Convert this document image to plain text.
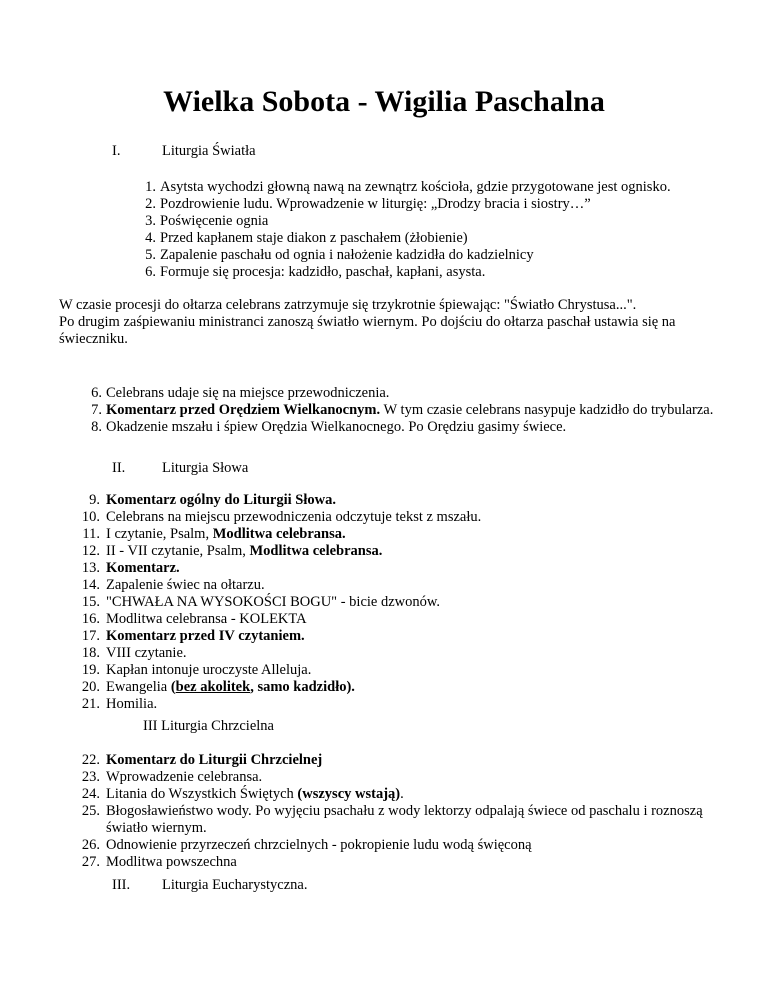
Wielka Sobota - Wigilia Paschalna
I.	Liturgia Światła
1. Asytsta wychodzi głowną nawą na zewnątrz kościoła, gdzie przygotowane jest ognisko.
2. Pozdrowienie ludu. Wprowadzenie w liturgię: „Drodzy bracia i siostry…”
3. Poświęcenie ognia
4. Przed kapłanem staje diakon z paschałem (żłobienie)
5. Zapalenie paschału od ognia i nałożenie kadzidła do kadzielnicy
6. Formuje się procesja: kadzidło, paschał, kapłani, asysta.
W czasie procesji do ołtarza celebrans zatrzymuje się trzykrotnie śpiewając: "Światło Chrystusa...".
Po drugim zaśpiewaniu ministranci zanoszą światło wiernym. Po dojściu do ołtarza paschał ustawia się na świeczniku.
6. Celebrans udaje się na miejsce przewodniczenia.
7. Komentarz przed Orędziem Wielkanocnym. W tym czasie celebrans nasypuje kadzidło do trybularza.
8. Okadzenie mszału i śpiew Orędzia Wielkanocnego. Po Orędziu gasimy świece.
II.	Liturgia Słowa
9. Komentarz ogólny do Liturgii Słowa.
10. Celebrans na miejscu przewodniczenia odczytuje tekst z mszału.
11. I czytanie, Psalm, Modlitwa celebransa.
12. II - VII czytanie, Psalm, Modlitwa celebransa.
13. Komentarz.
14. Zapalenie świec na ołtarzu.
15. "CHWAŁA NA WYSOKOŚCI BOGU" - bicie dzwonów.
16. Modlitwa celebransa - KOLEKTA
17. Komentarz przed IV czytaniem.
18. VIII czytanie.
19. Kapłan intonuje uroczyste Alleluja.
20. Ewangelia (bez akolitek, samo kadzidło).
21. Homilia.
III Liturgia Chrzcielna
22. Komentarz do Liturgii Chrzcielnej
23. Wprowadzenie celebransa.
24. Litania do Wszystkich Świętych (wszyscy wstają).
25. Błogosławieństwo wody. Po wyjęciu psachału z wody lektorzy odpalają świece od paschalu i roznoszą światło wiernym.
26. Odnowienie przyrzeczeń chrzcielnych - pokropienie ludu wodą święconą
27. Modlitwa powszechna
III. Liturgia Eucharystyczna.
